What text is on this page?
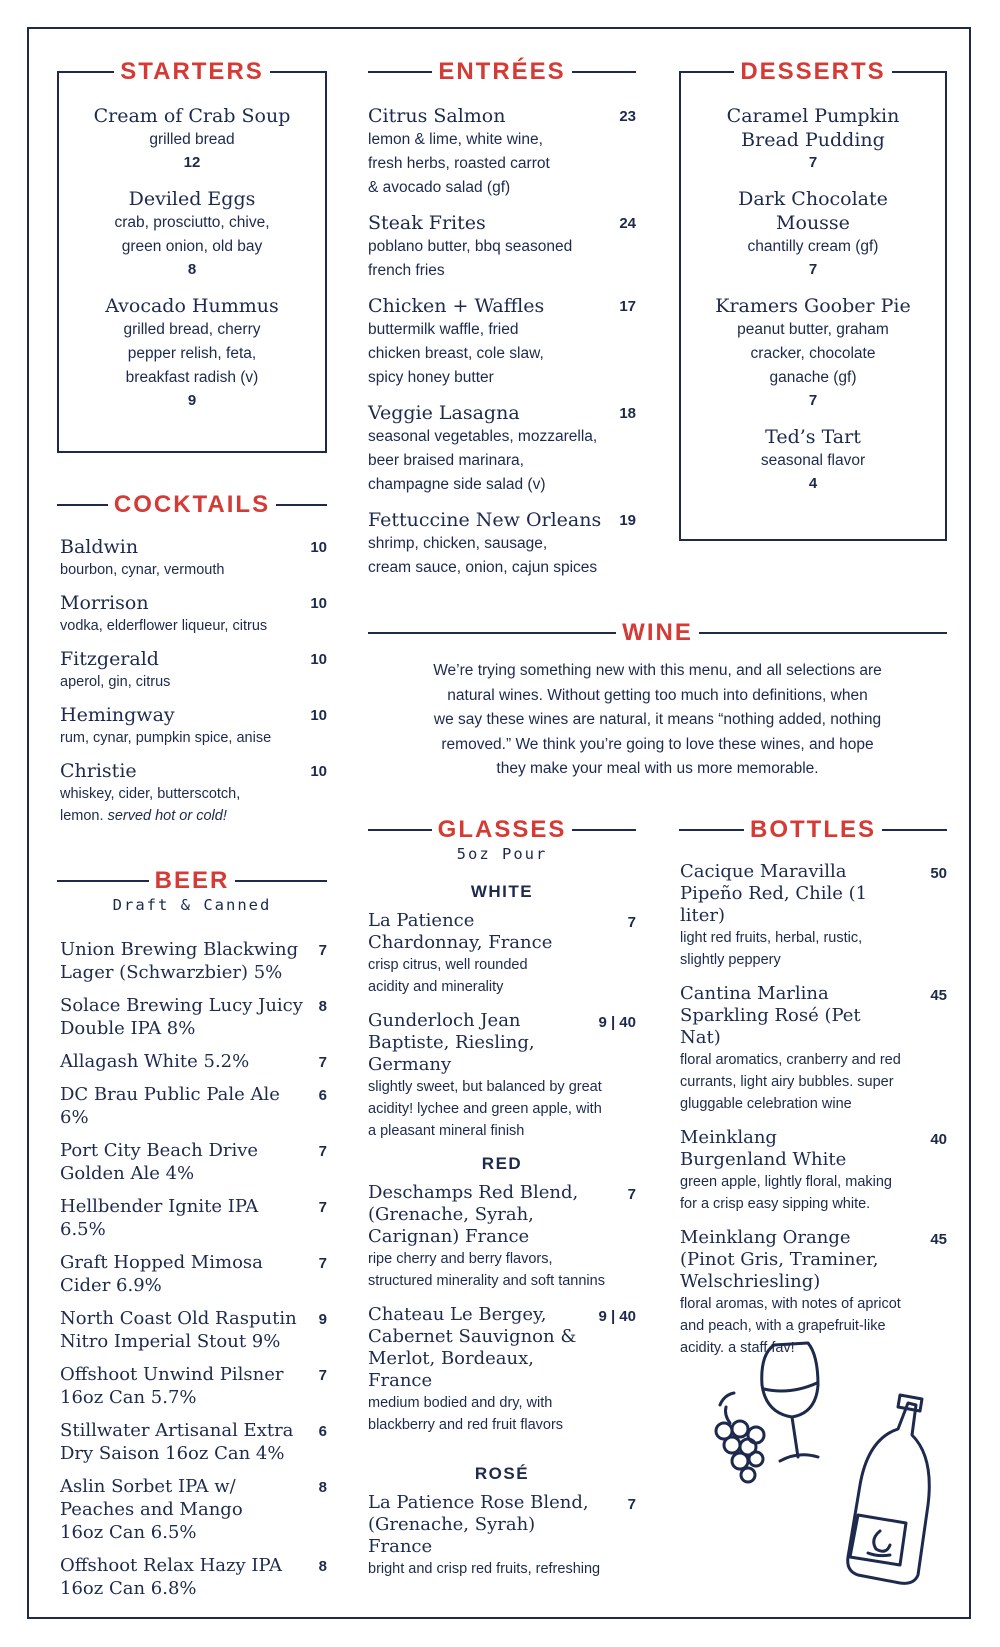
STARTERS
Cream of Crab Soup
grilled bread
12
Deviled Eggs
crab, prosciutto, chive,
green onion, old bay
8
Avocado Hummus
grilled bread, cherry
pepper relish, feta,
breakfast radish (v)
9
ENTRÉES
Citrus Salmon	23
lemon & lime, white wine,
fresh herbs, roasted carrot
& avocado salad (gf)
Steak Frites	24
poblano butter, bbq seasoned
french fries
Chicken + Waffles	17
buttermilk waffle, fried
chicken breast, cole slaw,
spicy honey butter
Veggie Lasagna	18
seasonal vegetables, mozzarella,
beer braised marinara,
champagne side salad (v)
Fettuccine New Orleans	19
shrimp, chicken, sausage,
cream sauce, onion, cajun spices
DESSERTS
Caramel Pumpkin
Bread Pudding
7
Dark Chocolate
Mousse
chantilly cream (gf)
7
Kramers Goober Pie
peanut butter, graham
cracker, chocolate
ganache (gf)
7
Ted’s Tart
seasonal flavor
4
COCKTAILS
Baldwin	10
bourbon, cynar, vermouth
Morrison	10
vodka, elderflower liqueur, citrus
Fitzgerald	10
aperol, gin, citrus
Hemingway	10
rum, cynar, pumpkin spice, anise
Christie	10
whiskey, cider, butterscotch,
lemon. served hot or cold!
BEER
Draft & Canned
Union Brewing Blackwing
Lager (Schwarzbier) 5%
7
Solace Brewing Lucy Juicy
Double IPA 8%
8
Allagash White 5.2%	7
DC Brau Public Pale Ale 6%
6
Port City Beach Drive
Golden Ale 4%
7
Hellbender Ignite IPA 6.5%
7
Graft Hopped Mimosa
Cider 6.9%
7
North Coast Old Rasputin
Nitro Imperial Stout 9%
9
Offshoot Unwind Pilsner
16oz Can 5.7%
7
Stillwater Artisanal Extra
Dry Saison 16oz Can 4%
6
Aslin Sorbet IPA w/
Peaches and Mango
16oz Can 6.5%
8
Offshoot Relax Hazy IPA
16oz Can 6.8%
8
WINE
We’re trying something new with this menu, and all selections are
natural wines. Without getting too much into definitions, when
we say these wines are natural, it means “nothing added, nothing
removed.” We think you’re going to love these wines, and hope
they make your meal with us more memorable.
GLASSES
5oz Pour
WHITE
La Patience
Chardonnay, France
7
crisp citrus, well rounded
acidity and minerality
Gunderloch Jean
Baptiste, Riesling, Germany
9 | 40
slightly sweet, but balanced by great
acidity! lychee and green apple, with
a pleasant mineral finish
RED
Deschamps Red Blend,
(Grenache, Syrah,
Carignan) France
7
ripe cherry and berry flavors,
structured minerality and soft tannins
Chateau Le Bergey,
Cabernet Sauvignon &
Merlot, Bordeaux, France
9 | 40
medium bodied and dry, with
blackberry and red fruit flavors
ROSÉ
La Patience Rose Blend,
(Grenache, Syrah) France
7
bright and crisp red fruits, refreshing
BOTTLES
Cacique Maravilla
Pipeño Red, Chile (1 liter)
50
light red fruits, herbal, rustic,
slightly peppery
Cantina Marlina
Sparkling Rosé (Pet Nat)
45
floral aromatics, cranberry and red
currants, light airy bubbles. super
gluggable celebration wine
Meinklang
Burgenland White
40
green apple, lightly floral, making
for a crisp easy sipping white.
Meinklang Orange
(Pinot Gris, Traminer,
Welschriesling)
45
floral aromas, with notes of apricot
and peach, with a grapefruit-like
acidity. a staff fav!
